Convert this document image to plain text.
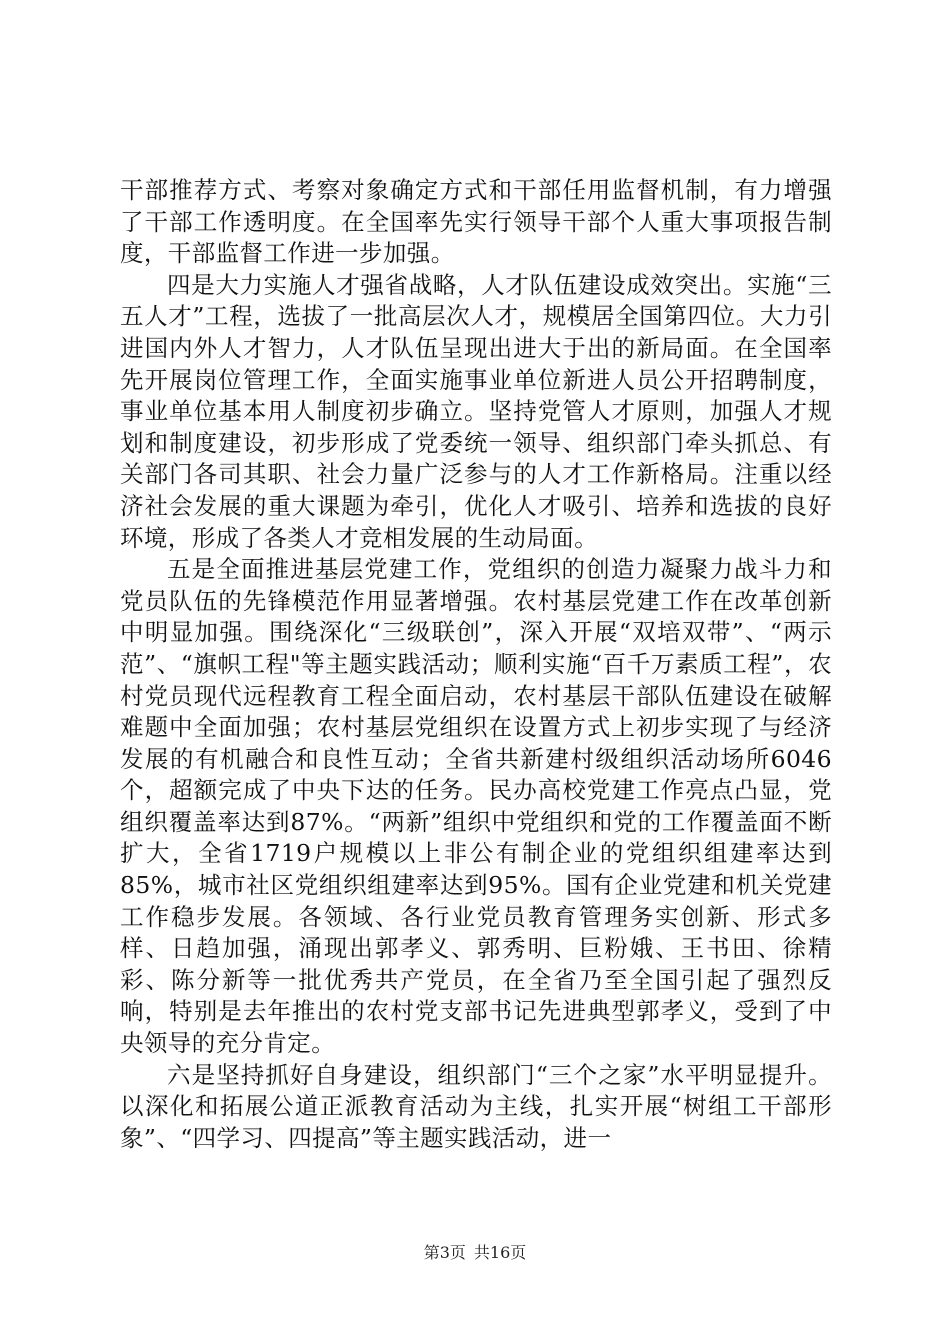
干部推荐方式、考察对象确定方式和干部任用监督机制，有力增强了干部工作透明度。在全国率先实行领导干部个人重大事项报告制度，干部监督工作进一步加强。

四是大力实施人才强省战略，人才队伍建设成效突出。实施“三五人才”工程，选拔了一批高层次人才，规模居全国第四位。大力引进国内外人才智力，人才队伍呈现出进大于出的新局面。在全国率先开展岗位管理工作，全面实施事业单位新进人员公开招聘制度，事业单位基本用人制度初步确立。坚持党管人才原则，加强人才规划和制度建设，初步形成了党委统一领导、组织部门牵头抓总、有关部门各司其职、社会力量广泛参与的人才工作新格局。注重以经济社会发展的重大课题为牵引，优化人才吸引、培养和选拔的良好环境，形成了各类人才竞相发展的生动局面。

五是全面推进基层党建工作，党组织的创造力凝聚力战斗力和党员队伍的先锋模范作用显著增强。农村基层党建工作在改革创新中明显加强。围绕深化“三级联创”，深入开展“双培双带”、“两示范”、“旗帜工程"等主题实践活动；顺利实施“百千万素质工程”，农村党员现代远程教育工程全面启动，农村基层干部队伍建设在破解难题中全面加强；农村基层党组织在设置方式上初步实现了与经济发展的有机融合和良性互动；全省共新建村级组织活动场所6046个，超额完成了中央下达的任务。民办高校党建工作亮点凸显，党组织覆盖率达到87%。“两新”组织中党组织和党的工作覆盖面不断扩大，全省1719户规模以上非公有制企业的党组织组建率达到85%，城市社区党组织组建率达到95%。国有企业党建和机关党建工作稳步发展。各领域、各行业党员教育管理务实创新、形式多样、日趋加强，涌现出郭孝义、郭秀明、巨粉娥、王书田、徐精彩、陈分新等一批优秀共产党员，在全省乃至全国引起了强烈反响，特别是去年推出的农村党支部书记先进典型郭孝义，受到了中央领导的充分肯定。

六是坚持抓好自身建设，组织部门“三个之家”水平明显提升。以深化和拓展公道正派教育活动为主线，扎实开展“树组工干部形象”、“四学习、四提高”等主题实践活动，进一

第3页 共16页
